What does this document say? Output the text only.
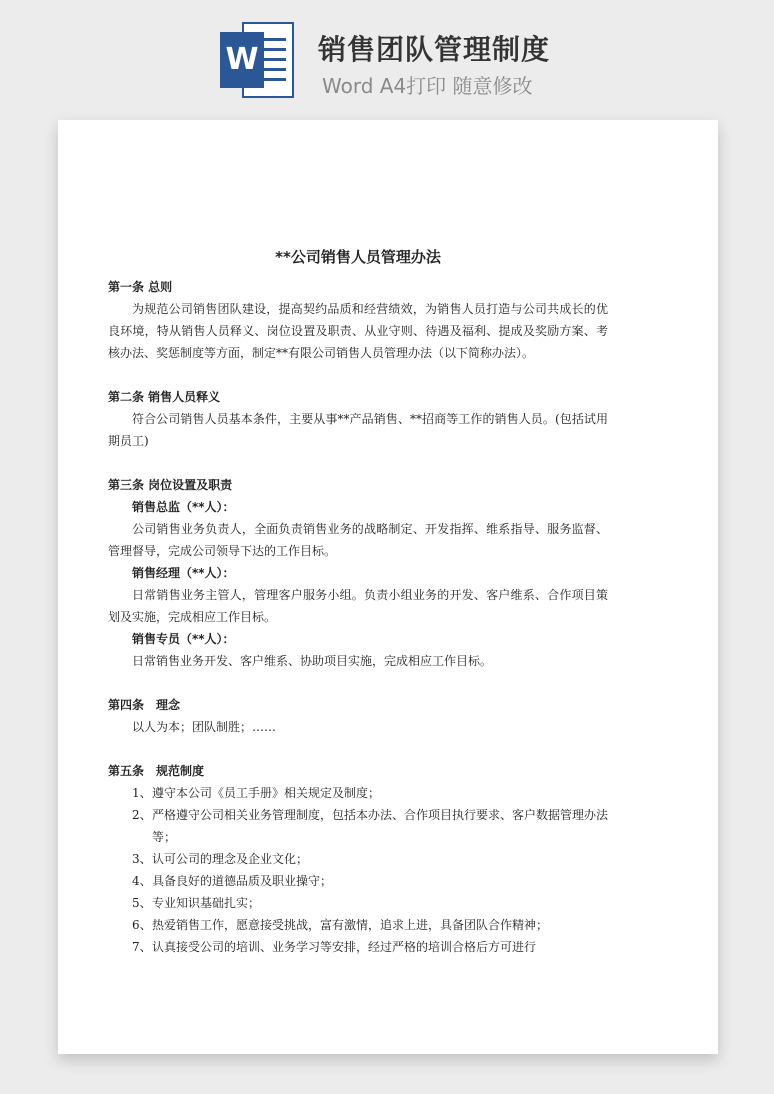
W 销售团队管理制度
Word A4打印 随意修改
**公司销售人员管理办法
第一条 总则
为规范公司销售团队建设，提高契约品质和经营绩效，为销售人员打造与公司共成长的优良环境，特从销售人员释义、岗位设置及职责、从业守则、待遇及福利、提成及奖励方案、考核办法、奖惩制度等方面，制定**有限公司销售人员管理办法（以下简称办法）。
第二条 销售人员释义
符合公司销售人员基本条件，主要从事**产品销售、**招商等工作的销售人员。(包括试用期员工)
第三条 岗位设置及职责
销售总监（**人）：
公司销售业务负责人，全面负责销售业务的战略制定、开发指挥、维系指导、服务监督、管理督导，完成公司领导下达的工作目标。
销售经理（**人）：
日常销售业务主管人，管理客户服务小组。负责小组业务的开发、客户维系、合作项目策划及实施，完成相应工作目标。
销售专员（**人）：
日常销售业务开发、客户维系、协助项目实施，完成相应工作目标。
第四条　理念
以人为本；团队制胜；……
第五条　规范制度
1、 遵守本公司《员工手册》相关规定及制度；
2、 严格遵守公司相关业务管理制度，包括本办法、合作项目执行要求、客户数据管理办法等；
3、 认可公司的理念及企业文化；
4、 具备良好的道德品质及职业操守；
5、 专业知识基础扎实；
6、 热爱销售工作，愿意接受挑战，富有激情，追求上进，具备团队合作精神；
7、 认真接受公司的培训、业务学习等安排，经过严格的培训合格后方可进行
